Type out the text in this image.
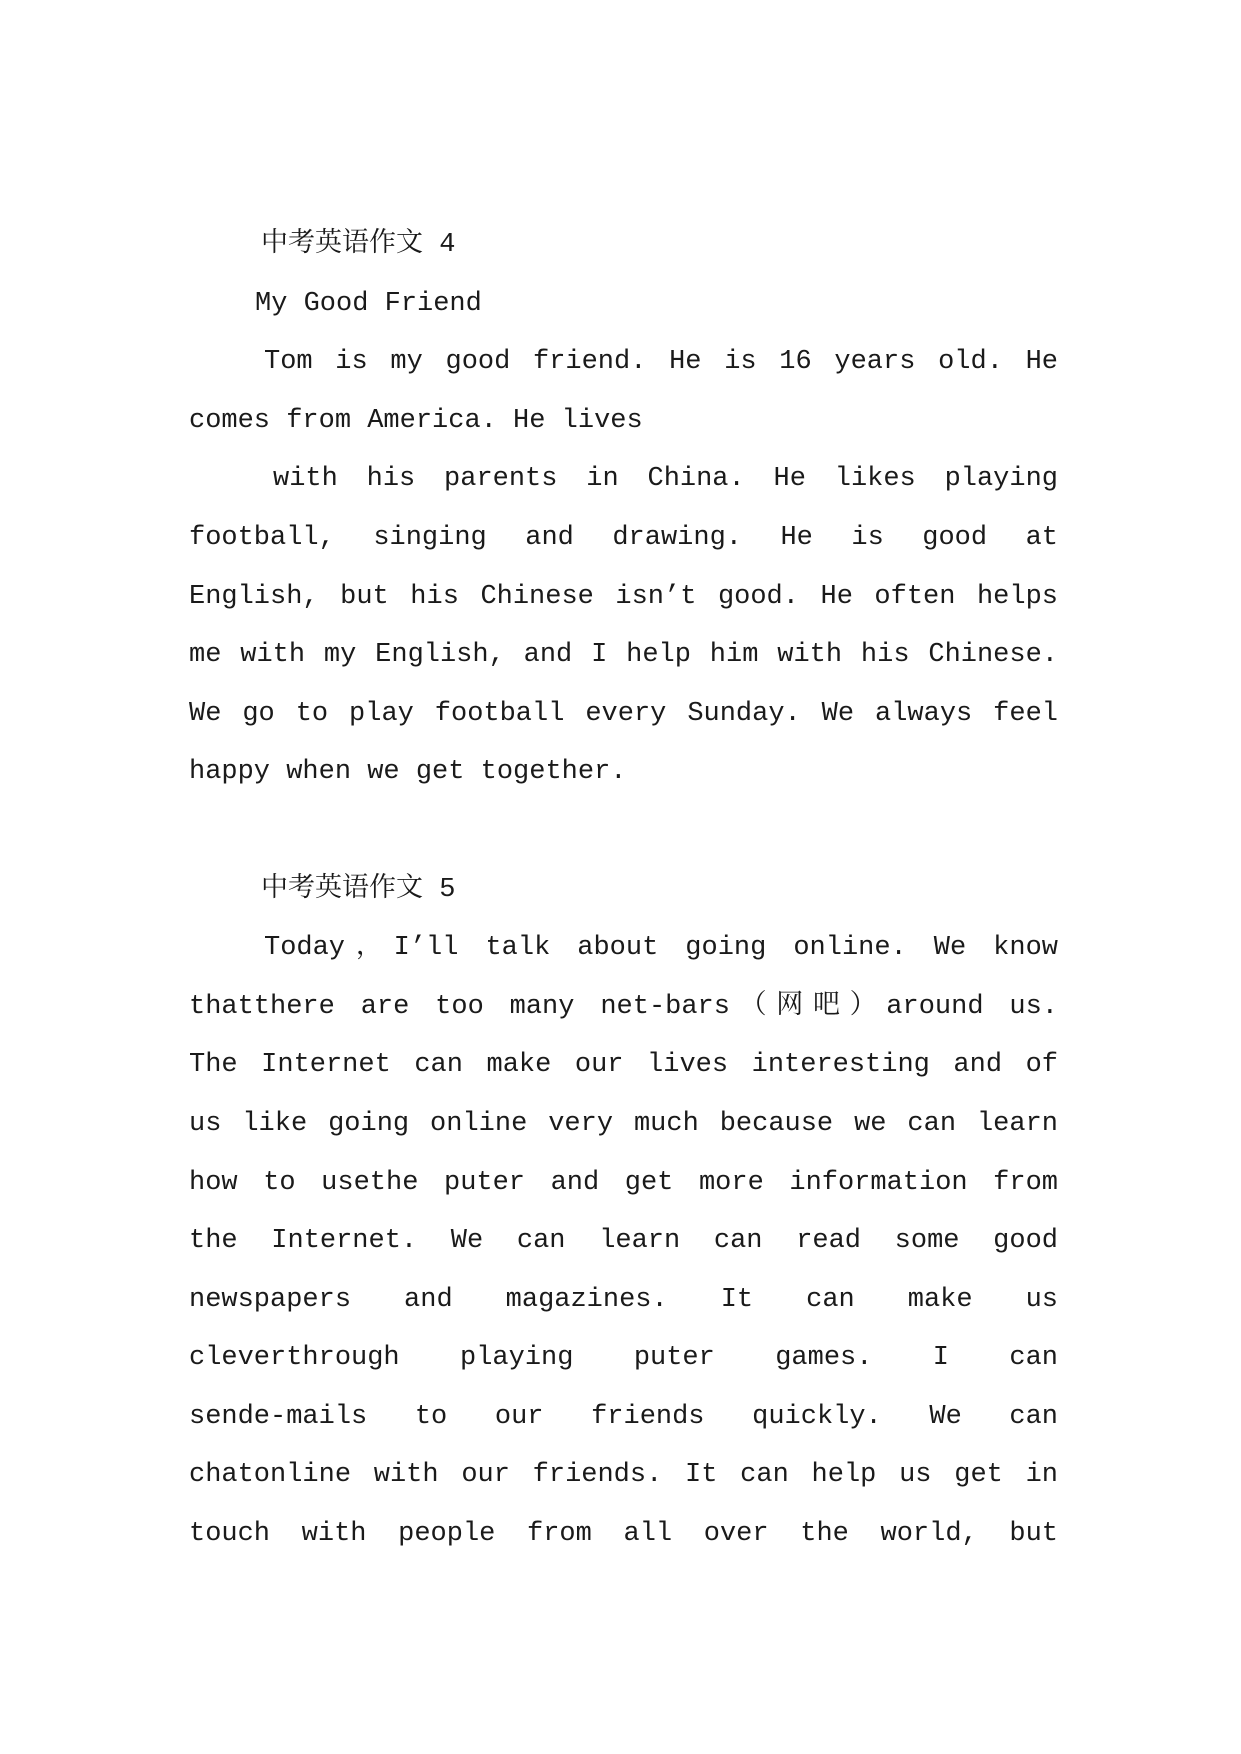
中考英语作文 4
My Good Friend
Tom is my good friend. He is 16 years old. He
comes from America. He lives
with his parents in China. He likes playing
football, singing and drawing. He is good at
English, but his Chinese isn’t good. He often helps
me with my English, and I help him with his Chinese.
We go to play football every Sunday. We always feel
happy when we get together.
中考英语作文 5
Today，I’ll talk about going online. We know
thatthere are too many net-bars（网吧）around us.
The Internet can make our lives interesting and of
us like going online very much because we can learn
how to usethe puter and get more information from
the Internet. We can learn can read some good
newspapers and magazines. It can make us
cleverthrough playing puter games. I can
sende-mails to our friends quickly. We can
chatonline with our friends. It can help us get in
touch with people from all over the world, but
